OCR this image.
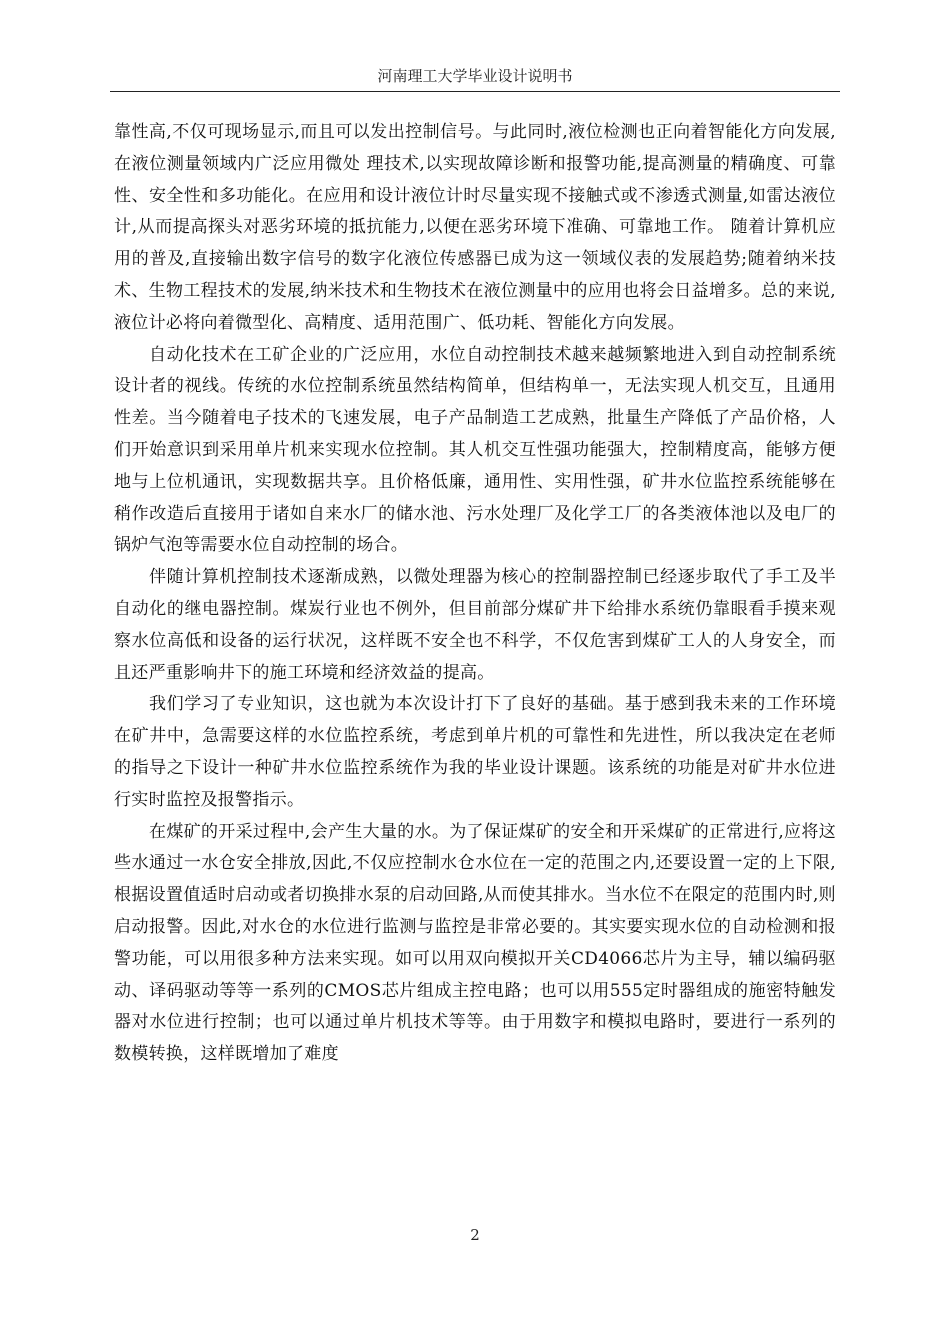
河南理工大学毕业设计说明书

靠性高,不仅可现场显示,而且可以发出控制信号。与此同时,液位检测也正向着智能化方向发展,在液位测量领域内广泛应用微处 理技术,以实现故障诊断和报警功能,提高测量的精确度、可靠性、安全性和多功能化。在应用和设计液位计时尽量实现不接触式或不渗透式测量,如雷达液位计,从而提高探头对恶劣环境的抵抗能力,以便在恶劣环境下准确、可靠地工作。 随着计算机应用的普及,直接输出数字信号的数字化液位传感器已成为这一领域仪表的发展趋势;随着纳米技术、生物工程技术的发展,纳米技术和生物技术在液位测量中的应用也将会日益增多。总的来说,液位计必将向着微型化、高精度、适用范围广、低功耗、智能化方向发展。

自动化技术在工矿企业的广泛应用，水位自动控制技术越来越频繁地进入到自动控制系统设计者的视线。传统的水位控制系统虽然结构简单，但结构单一，无法实现人机交互，且通用性差。当今随着电子技术的飞速发展，电子产品制造工艺成熟，批量生产降低了产品价格，人们开始意识到采用单片机来实现水位控制。其人机交互性强功能强大，控制精度高，能够方便地与上位机通讯，实现数据共享。且价格低廉，通用性、实用性强，矿井水位监控系统能够在稍作改造后直接用于诸如自来水厂的储水池、污水处理厂及化学工厂的各类液体池以及电厂的锅炉气泡等需要水位自动控制的场合。

伴随计算机控制技术逐渐成熟，以微处理器为核心的控制器控制已经逐步取代了手工及半自动化的继电器控制。煤炭行业也不例外，但目前部分煤矿井下给排水系统仍靠眼看手摸来观察水位高低和设备的运行状况，这样既不安全也不科学，不仅危害到煤矿工人的人身安全，而且还严重影响井下的施工环境和经济效益的提高。

我们学习了专业知识，这也就为本次设计打下了良好的基础。基于感到我未来的工作环境在矿井中，急需要这样的水位监控系统，考虑到单片机的可靠性和先进性，所以我决定在老师的指导之下设计一种矿井水位监控系统作为我的毕业设计课题。该系统的功能是对矿井水位进行实时监控及报警指示。

在煤矿的开采过程中,会产生大量的水。为了保证煤矿的安全和开采煤矿的正常进行,应将这些水通过一水仓安全排放,因此,不仅应控制水仓水位在一定的范围之内,还要设置一定的上下限,根据设置值适时启动或者切换排水泵的启动回路,从而使其排水。当水位不在限定的范围内时,则启动报警。因此,对水仓的水位进行监测与监控是非常必要的。其实要实现水位的自动检测和报警功能，可以用很多种方法来实现。如可以用双向模拟开关CD4066芯片为主导，辅以编码驱动、译码驱动等等一系列的CMOS芯片组成主控电路；也可以用555定时器组成的施密特触发器对水位进行控制；也可以通过单片机技术等等。由于用数字和模拟电路时，要进行一系列的数模转换，这样既增加了难度

2
